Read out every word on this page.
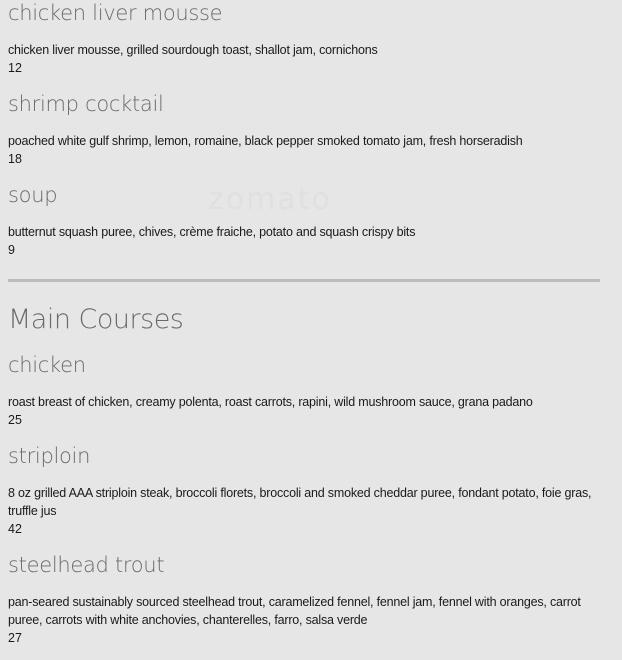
zomato
chicken liver mousse
chicken liver mousse, grilled sourdough toast, shallot jam, cornichons
12
shrimp cocktail
poached white gulf shrimp, lemon, romaine, black pepper smoked tomato jam, fresh horseradish
18
soup
butternut squash puree, chives, crème fraiche, potato and squash crispy bits
9
Main Courses
chicken
roast breast of chicken, creamy polenta, roast carrots, rapini, wild mushroom sauce, grana padano
25
striploin
8 oz grilled AAA striploin steak, broccoli florets, broccoli and smoked cheddar puree, fondant potato, foie gras, truffle jus
42
steelhead trout
pan-seared sustainably sourced steelhead trout, caramelized fennel, fennel jam, fennel with oranges, carrot puree, carrots with white anchovies, chanterelles, farro, salsa verde
27
